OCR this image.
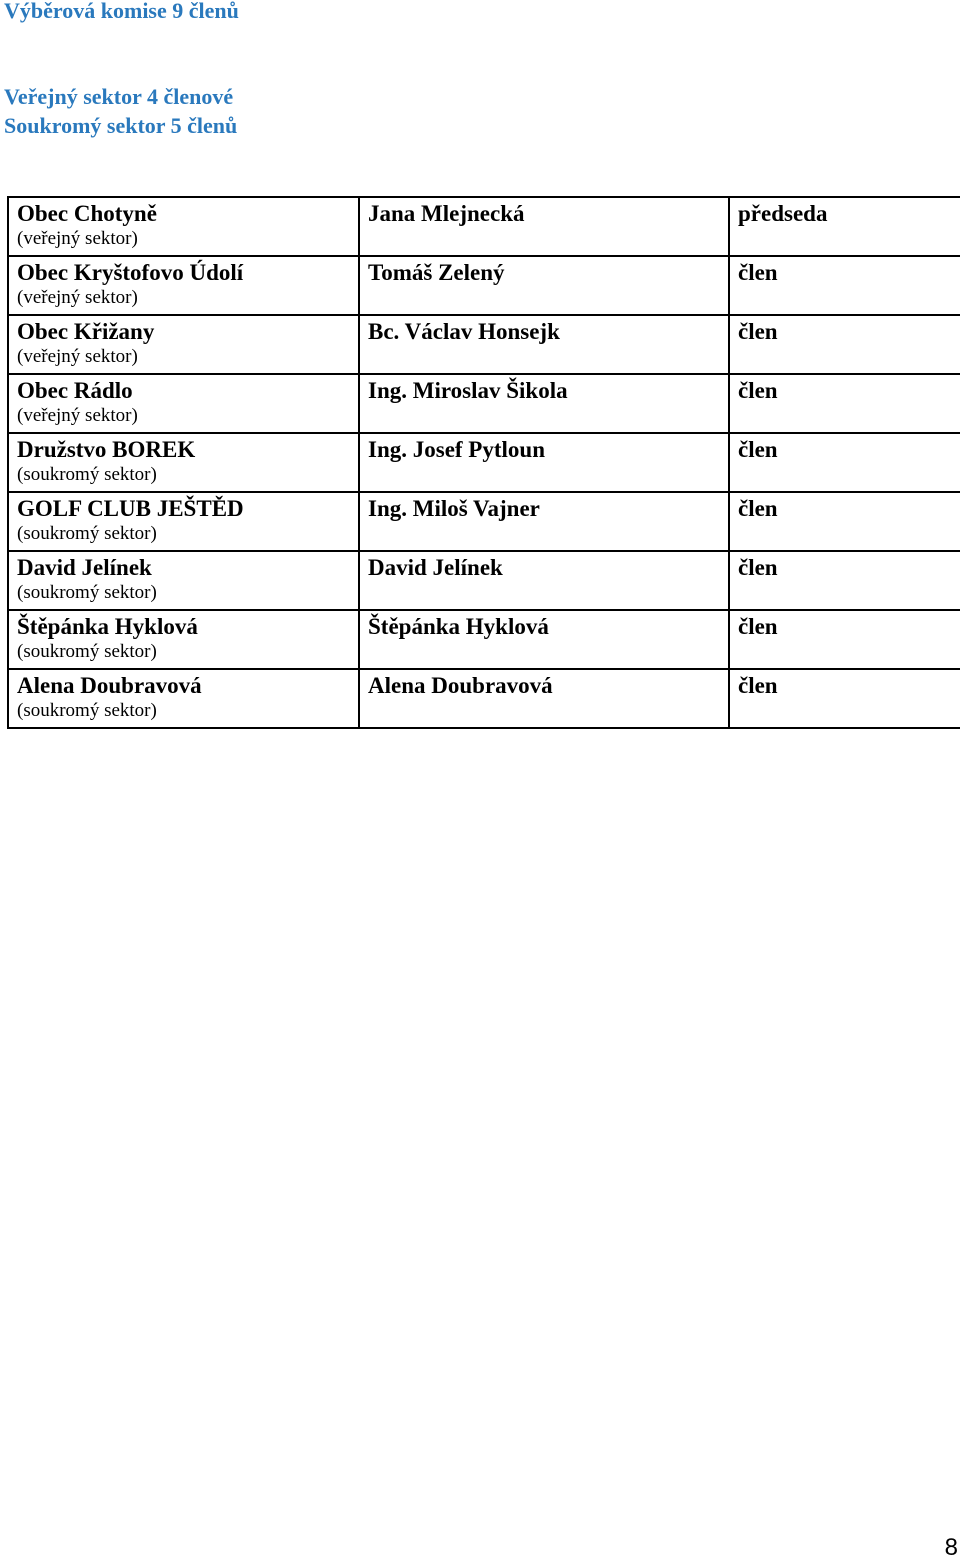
Výběrová komise 9 členů

Veřejný sektor 4 členové

Soukromý sektor 5 členů

Obec Chotyně
(veřejný sektor)	Jana Mlejnecká	předseda

Obec Kryštofovo Údolí
(veřejný sektor)	Tomáš Zelený	člen

Obec Křižany
(veřejný sektor)	Bc. Václav Honsejk	člen

Obec Rádlo
(veřejný sektor)	Ing. Miroslav Šikola	člen

Družstvo BOREK
(soukromý sektor)	Ing. Josef Pytloun	člen

GOLF CLUB JEŠTĚD
(soukromý sektor)	Ing. Miloš Vajner	člen

David Jelínek
(soukromý sektor)	David Jelínek	člen

Štěpánka Hyklová
(soukromý sektor)	Štěpánka Hyklová	člen

Alena Doubravová
(soukromý sektor)	Alena Doubravová	člen
8
